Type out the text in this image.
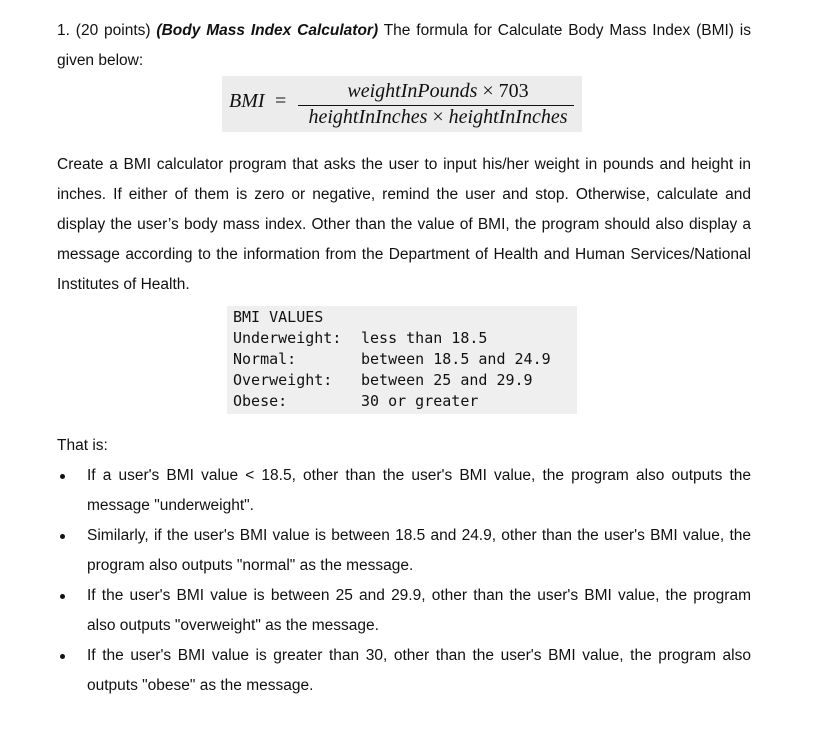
1. (20 points) (Body Mass Index Calculator) The formula for Calculate Body Mass Index (BMI) is given below:
BMI =	weightInPounds × 703
heightInInches × heightInInches
Create a BMI calculator program that asks the user to input his/her weight in pounds and height in inches. If either of them is zero or negative, remind the user and stop. Otherwise, calculate and display the user’s body mass index. Other than the value of BMI, the program should also display a message according to the information from the Department of Health and Human Services/National Institutes of Health.
BMI VALUES
Underweight: less than 18.5
Normal:	between 18.5 and 24.9
Overweight: between 25 and 29.9
Obese:	30 or greater
That is:
If a user's BMI value < 18.5, other than the user's BMI value, the program also outputs the message "underweight".
Similarly, if the user's BMI value is between 18.5 and 24.9, other than the user's BMI value, the program also outputs "normal" as the message.
If the user's BMI value is between 25 and 29.9, other than the user's BMI value, the program also outputs "overweight" as the message.
If the user's BMI value is greater than 30, other than the user's BMI value, the program also outputs "obese" as the message.
